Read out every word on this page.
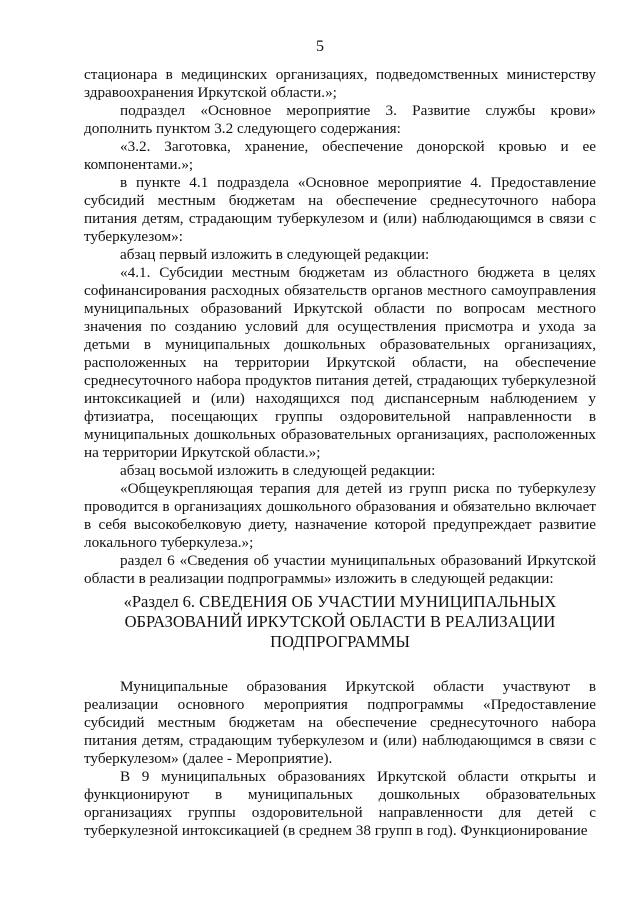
5

стационара в медицинских организациях, подведомственных министерству здравоохранения Иркутской области.»;

подраздел «Основное мероприятие 3. Развитие службы крови» дополнить пунктом 3.2 следующего содержания:

«3.2. Заготовка, хранение, обеспечение донорской кровью и ее компонентами.»;

в пункте 4.1 подраздела «Основное мероприятие 4. Предоставление субсидий местным бюджетам на обеспечение среднесуточного набора питания детям, страдающим туберкулезом и (или) наблюдающимся в связи с туберкулезом»:

абзац первый изложить в следующей редакции:

«4.1. Субсидии местным бюджетам из областного бюджета в целях софинансирования расходных обязательств органов местного самоуправления муниципальных образований Иркутской области по вопросам местного значения по созданию условий для осуществления присмотра и ухода за детьми в муниципальных дошкольных образовательных организациях, расположенных на территории Иркутской области, на обеспечение среднесуточного набора продуктов питания детей, страдающих туберкулезной интоксикацией и (или) находящихся под диспансерным наблюдением у фтизиатра, посещающих группы оздоровительной направленности в муниципальных дошкольных образовательных организациях, расположенных на территории Иркутской области.»;

абзац восьмой изложить в следующей редакции:

«Общеукрепляющая терапия для детей из групп риска по туберкулезу проводится в организациях дошкольного образования и обязательно включает в себя высокобелковую диету, назначение которой предупреждает развитие локального туберкулеза.»;

раздел 6 «Сведения об участии муниципальных образований Иркутской области в реализации подпрограммы» изложить в следующей редакции:

«Раздел 6. СВЕДЕНИЯ ОБ УЧАСТИИ МУНИЦИПАЛЬНЫХ ОБРАЗОВАНИЙ ИРКУТСКОЙ ОБЛАСТИ В РЕАЛИЗАЦИИ ПОДПРОГРАММЫ

Муниципальные образования Иркутской области участвуют в реализации основного мероприятия подпрограммы «Предоставление субсидий местным бюджетам на обеспечение среднесуточного набора питания детям, страдающим туберкулезом и (или) наблюдающимся в связи с туберкулезом» (далее - Мероприятие).

В 9 муниципальных образованиях Иркутской области открыты и функционируют в муниципальных дошкольных образовательных организациях группы оздоровительной направленности для детей с туберкулезной интоксикацией (в среднем 38 групп в год). Функционирование
